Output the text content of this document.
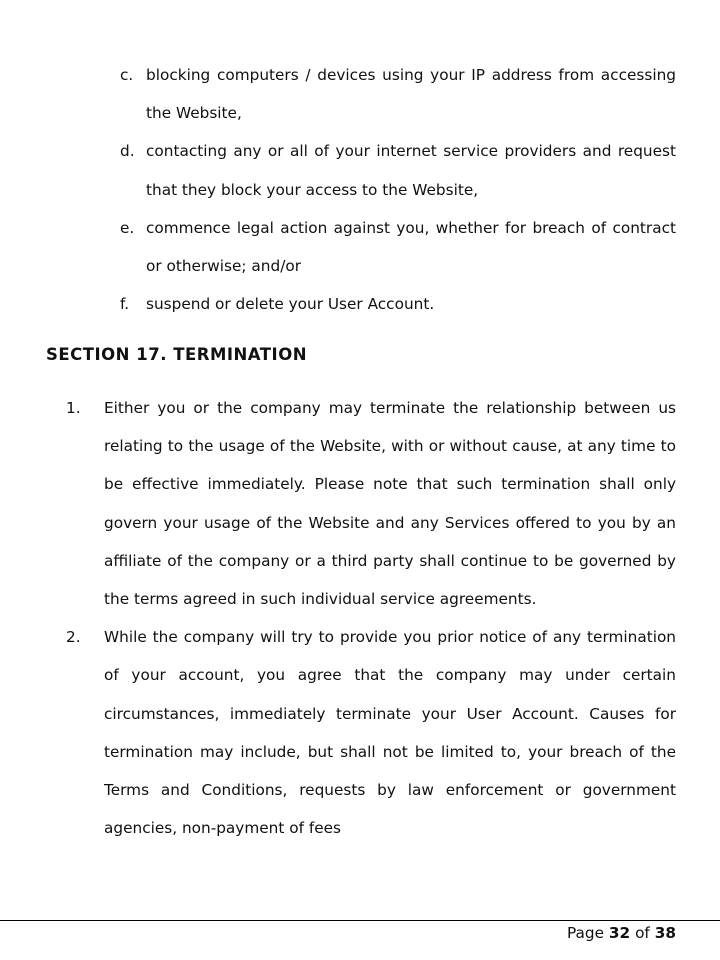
c. blocking computers / devices using your IP address from accessing the Website,
d. contacting any or all of your internet service providers and request that they block your access to the Website,
e. commence legal action against you, whether for breach of contract or otherwise; and/or
f. suspend or delete your User Account.
SECTION 17. TERMINATION
1. Either you or the company may terminate the relationship between us relating to the usage of the Website, with or without cause, at any time to be effective immediately. Please note that such termination shall only govern your usage of the Website and any Services offered to you by an affiliate of the company or a third party shall continue to be governed by the terms agreed in such individual service agreements.
2. While the company will try to provide you prior notice of any termination of your account, you agree that the company may under certain circumstances, immediately terminate your User Account. Causes for termination may include, but shall not be limited to, your breach of the Terms and Conditions, requests by law enforcement or government agencies, non-payment of fees
Page 32 of 38
